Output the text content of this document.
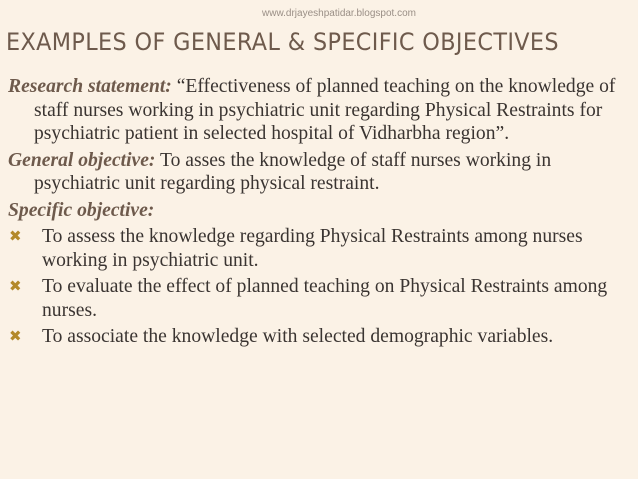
www.drjayeshpatidar.blogspot.com
EXAMPLES OF GENERAL & SPECIFIC OBJECTIVES

Research statement: “Effectiveness of planned teaching on the knowledge of staff nurses working in psychiatric unit regarding Physical Restraints for psychiatric patient in selected hospital of Vidharbha region”.

General objective: To asses the knowledge of staff nurses working in psychiatric unit regarding physical restraint.

Specific objective:

✖ To assess the knowledge regarding Physical Restraints among nurses working in psychiatric unit.
✖ To evaluate the effect of planned teaching on Physical Restraints among nurses.
✖ To associate the knowledge with selected demographic variables.
